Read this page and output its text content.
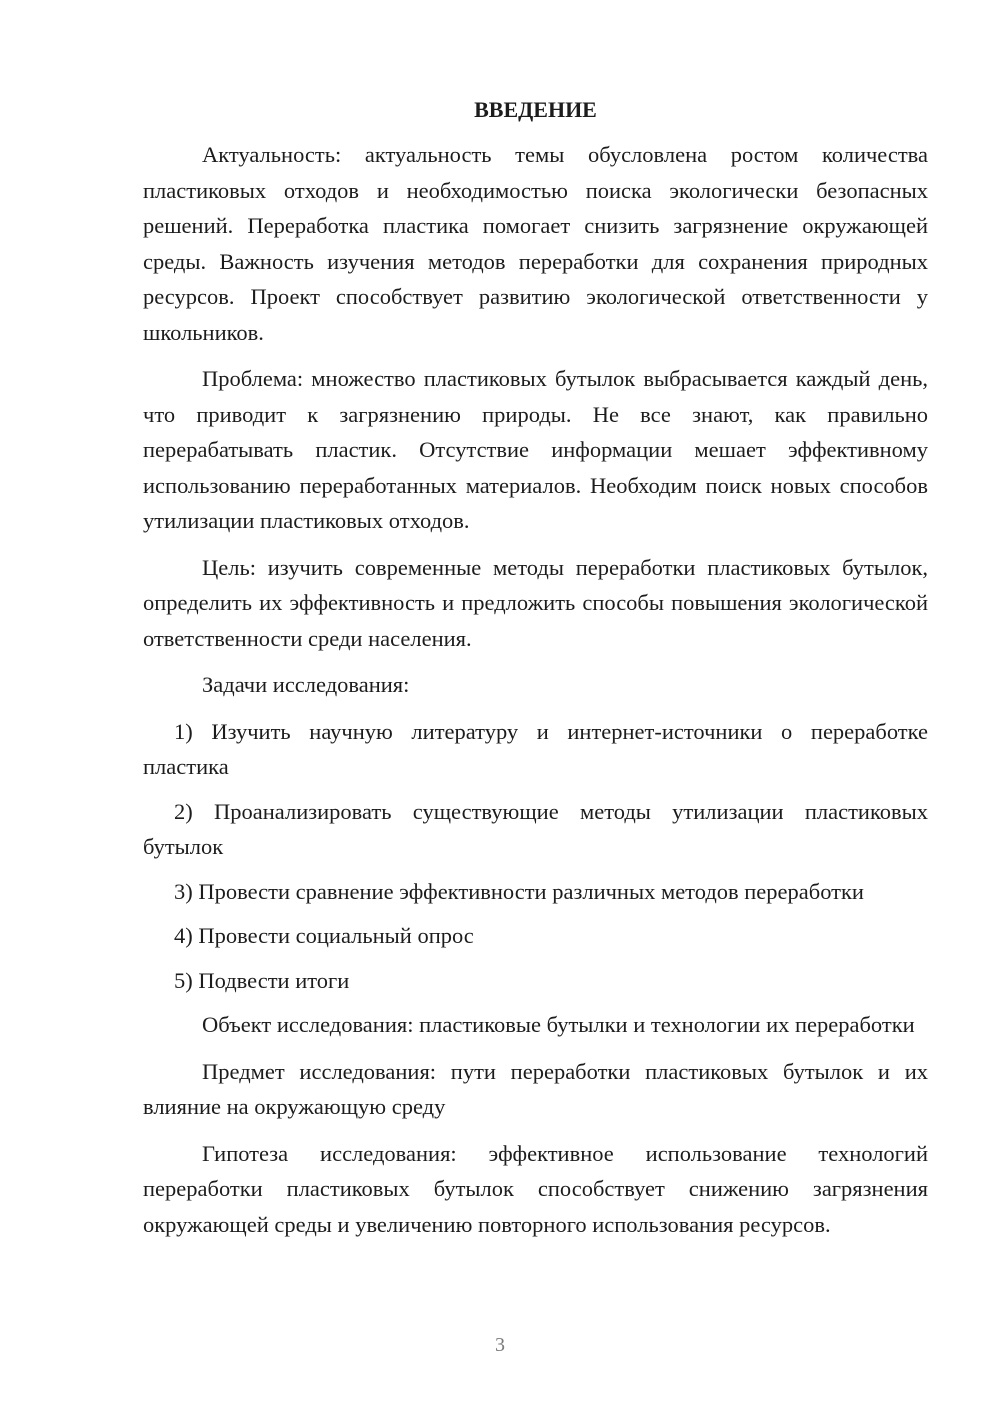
ВВЕДЕНИЕ

Актуальность: актуальность темы обусловлена ростом количества пластиковых отходов и необходимостью поиска экологически безопасных решений. Переработка пластика помогает снизить загрязнение окружающей среды. Важность изучения методов переработки для сохранения природных ресурсов. Проект способствует развитию экологической ответственности у школьников.

Проблема: множество пластиковых бутылок выбрасывается каждый день, что приводит к загрязнению природы. Не все знают, как правильно перерабатывать пластик. Отсутствие информации мешает эффективному использованию переработанных материалов. Необходим поиск новых способов утилизации пластиковых отходов.

Цель: изучить современные методы переработки пластиковых бутылок, определить их эффективность и предложить способы повышения экологической ответственности среди населения.

Задачи исследования:

1) Изучить научную литературу и интернет-источники о переработке пластика

2) Проанализировать существующие методы утилизации пластиковых бутылок

3) Провести сравнение эффективности различных методов переработки

4) Провести социальный опрос

5) Подвести итоги

Объект исследования: пластиковые бутылки и технологии их переработки

Предмет исследования: пути переработки пластиковых бутылок и их влияние на окружающую среду

Гипотеза исследования: эффективное использование технологий переработки пластиковых бутылок способствует снижению загрязнения окружающей среды и увеличению повторного использования ресурсов.

3
